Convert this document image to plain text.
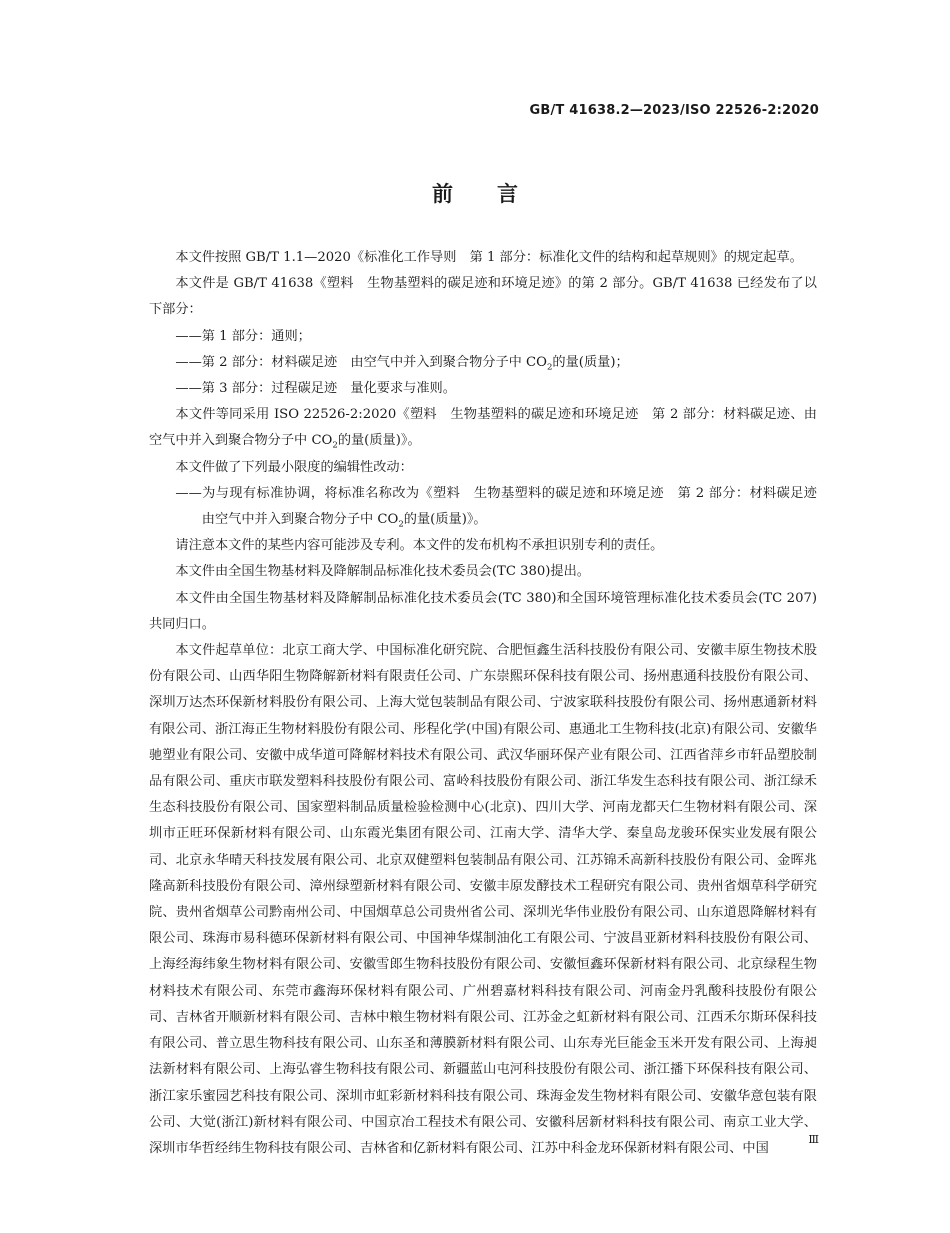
GB/T 41638.2—2023/ISO 22526-2:2020
前言

本文件按照 GB/T 1.1—2020《标准化工作导则　第 1 部分：标准化文件的结构和起草规则》的规定起草。

本文件是 GB/T 41638《塑料　生物基塑料的碳足迹和环境足迹》的第 2 部分。GB/T 41638 已经发布了以下部分：

——第 1 部分：通则；

——第 2 部分：材料碳足迹　由空气中并入到聚合物分子中 $CO_2$的量(质量)；

——第 3 部分：过程碳足迹　量化要求与准则。

本文件等同采用 ISO 22526-2:2020《塑料　生物基塑料的碳足迹和环境足迹　第 2 部分：材料碳足迹、由空气中并入到聚合物分子中 $CO_2$的量(质量)》。

本文件做了下列最小限度的编辑性改动：

——为与现有标准协调，将标准名称改为《塑料　生物基塑料的碳足迹和环境足迹　第 2 部分：材料碳足迹　由空气中并入到聚合物分子中 $CO_2$的量(质量)》。

请注意本文件的某些内容可能涉及专利。本文件的发布机构不承担识别专利的责任。

本文件由全国生物基材料及降解制品标准化技术委员会(TC 380)提出。

本文件由全国生物基材料及降解制品标准化技术委员会(TC 380)和全国环境管理标准化技术委员会(TC 207)共同归口。

本文件起草单位：北京工商大学、中国标准化研究院、合肥恒鑫生活科技股份有限公司、安徽丰原生物技术股份有限公司、山西华阳生物降解新材料有限责任公司、广东崇熙环保科技有限公司、扬州惠通科技股份有限公司、深圳万达杰环保新材料股份有限公司、上海大觉包装制品有限公司、宁波家联科技股份有限公司、扬州惠通新材料有限公司、浙江海正生物材料股份有限公司、彤程化学(中国)有限公司、惠通北工生物科技(北京)有限公司、安徽华驰塑业有限公司、安徽中成华道可降解材料技术有限公司、武汉华丽环保产业有限公司、江西省萍乡市轩品塑胶制品有限公司、重庆市联发塑料科技股份有限公司、富岭科技股份有限公司、浙江华发生态科技有限公司、浙江绿禾生态科技股份有限公司、国家塑料制品质量检验检测中心(北京)、四川大学、河南龙都天仁生物材料有限公司、深圳市正旺环保新材料有限公司、山东霞光集团有限公司、江南大学、清华大学、秦皇岛龙骏环保实业发展有限公司、北京永华晴天科技发展有限公司、北京双健塑料包装制品有限公司、江苏锦禾高新科技股份有限公司、金晖兆隆高新科技股份有限公司、漳州绿塑新材料有限公司、安徽丰原发酵技术工程研究有限公司、贵州省烟草科学研究院、贵州省烟草公司黔南州公司、中国烟草总公司贵州省公司、深圳光华伟业股份有限公司、山东道恩降解材料有限公司、珠海市易科德环保新材料有限公司、中国神华煤制油化工有限公司、宁波昌亚新材料科技股份有限公司、上海经海纬象生物材料有限公司、安徽雪郎生物科技股份有限公司、安徽恒鑫环保新材料有限公司、北京绿程生物材料技术有限公司、东莞市鑫海环保材料有限公司、广州碧嘉材料科技有限公司、河南金丹乳酸科技股份有限公司、吉林省开顺新材料有限公司、吉林中粮生物材料有限公司、江苏金之虹新材料有限公司、江西禾尔斯环保科技有限公司、普立思生物科技有限公司、山东圣和薄膜新材料有限公司、山东寿光巨能金玉米开发有限公司、上海昶法新材料有限公司、上海弘睿生物科技有限公司、新疆蓝山屯河科技股份有限公司、浙江播下环保科技有限公司、浙江家乐蜜园艺科技有限公司、深圳市虹彩新材料科技有限公司、珠海金发生物材料有限公司、安徽华意包装有限公司、大觉(浙江)新材料有限公司、中国京冶工程技术有限公司、安徽科居新材料科技有限公司、南京工业大学、深圳市华哲经纬生物科技有限公司、吉林省和亿新材料有限公司、江苏中科金龙环保新材料有限公司、中国

Ⅲ
